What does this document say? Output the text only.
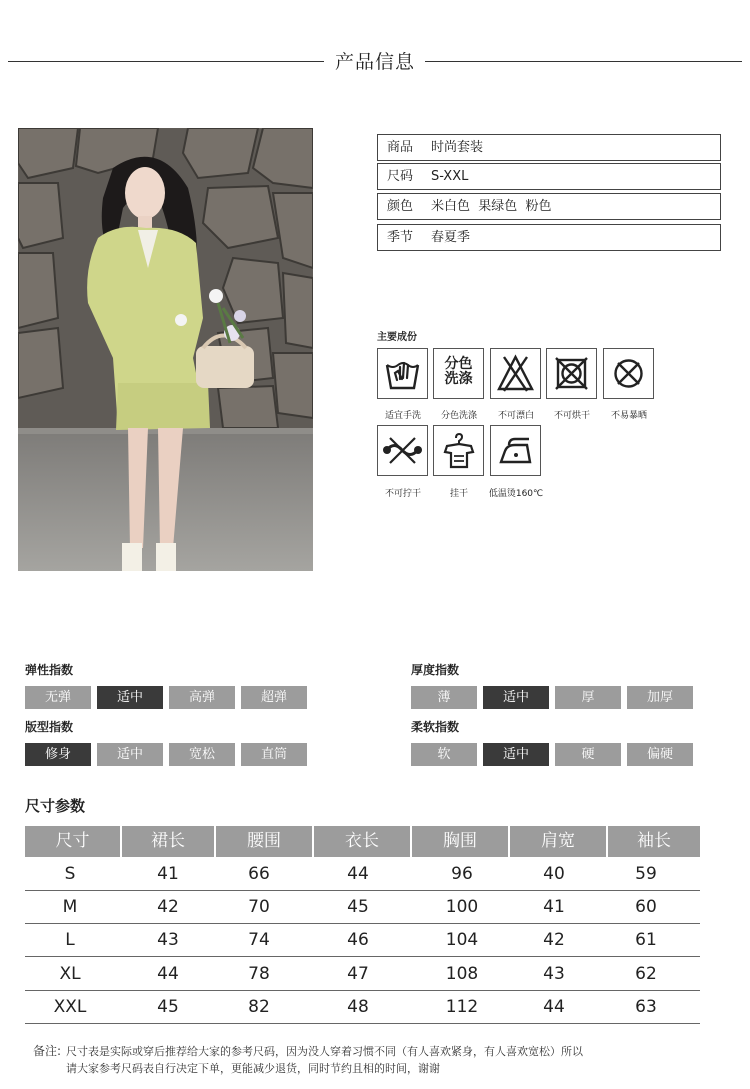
产品信息
商品 时尚套装
尺码 S-XXL
颜色 米白色  果绿色  粉色
季节 春夏季
主要成份
分色
洗涤
适宜手洗	分色洗涤	不可漂白	不可烘干	不易暴晒
不可拧干	挂干	低温烫160℃
弹性指数
无弹	适中	高弹	超弹
厚度指数
薄	适中	厚	加厚
版型指数
修身	适中	宽松	直筒
柔软指数
软	适中	硬	偏硬
尺寸参数
尺寸	裙长	腰围	衣长	胸围	肩宽	袖长
S	41	66	44	96	40	59
M	42	70	45	100	41	60
L	43	74	46	104	42	61
XL	44	78	47	108	43	62
XXL	45	82	48	112	44	63
备注: 尺寸表是实际或穿后推荐给大家的参考尺码，因为没人穿着习惯不同（有人喜欢紧身，有人喜欢宽松）所以
请大家参考尺码表自行决定下单，更能减少退货，同时节约且相的时间，谢谢
